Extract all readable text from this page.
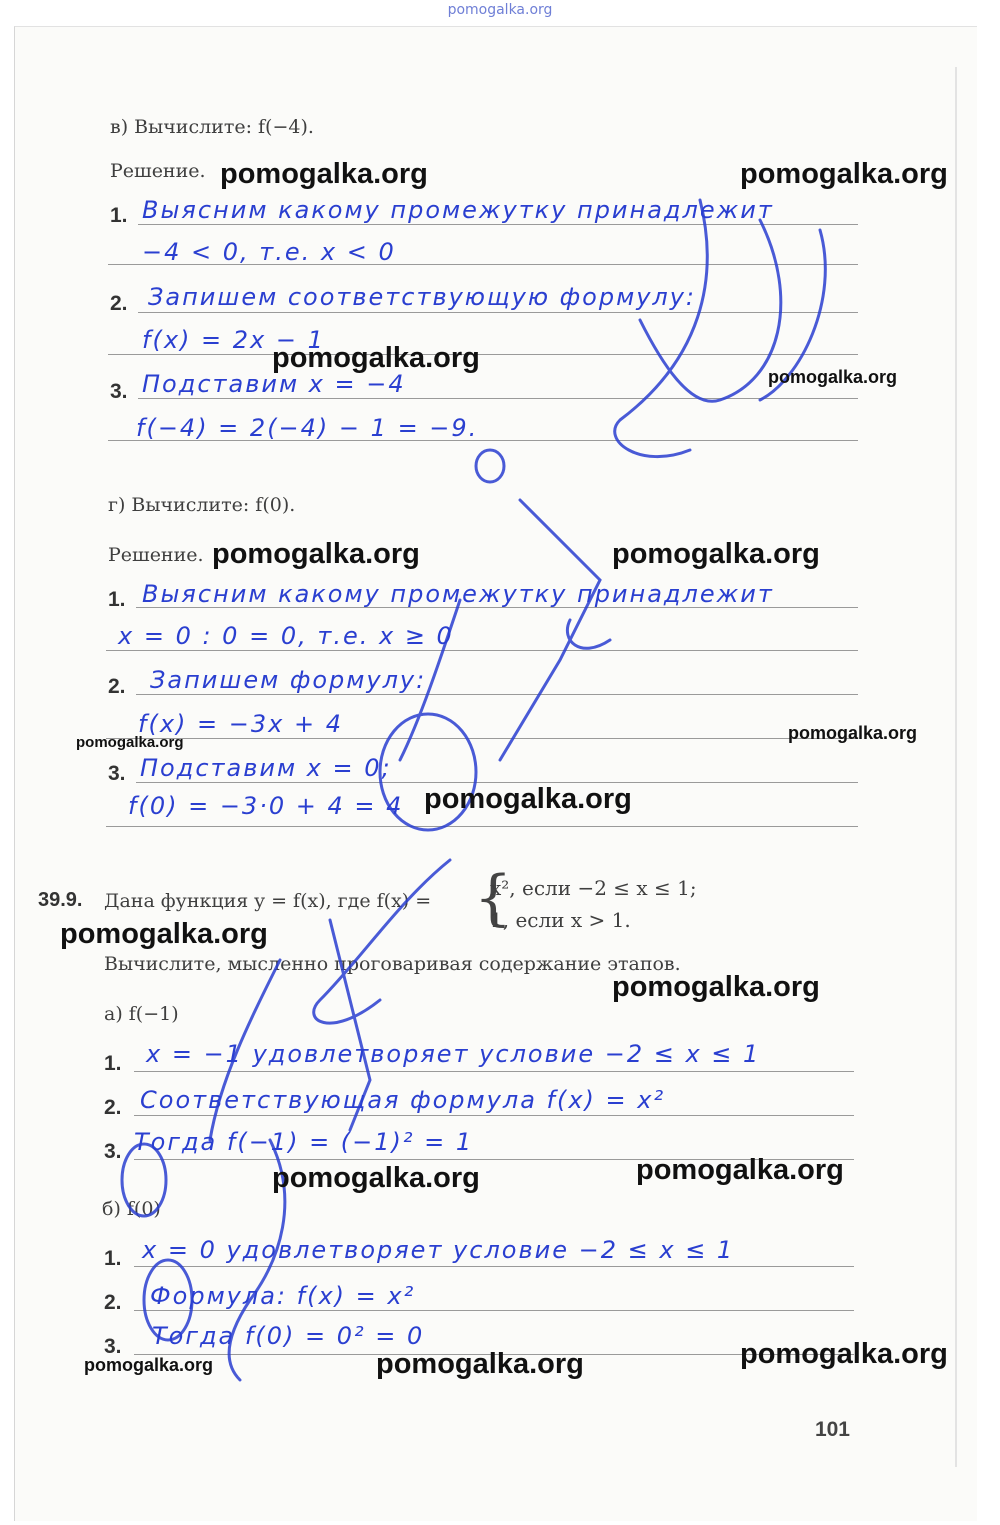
pomogalka.org
в) Вычислите: f(−4).
Решение.
1. Выясним какому промежутку принадлежит
−4 < 0, т.е. x < 0
2. Запишем соответствующую формулу:
f(x) = 2x − 1
3. Подставим x = −4
f(−4) = 2(−4) − 1 = −9.
г) Вычислите: f(0).
Решение.
1. Выясним какому промежутку принадлежит
x = 0 : 0 = 0, т.е. x ≥ 0
2. Запишем формулу:
f(x) = −3x + 4
3. Подставим x = 0;
f(0) = −3·0 + 4 = 4
39.9. Дана функция y = f(x), где f(x) = {
x², если −2 ≤ x ≤ 1;
1, если x > 1.
Вычислите, мысленно проговаривая содержание этапов.
а) f(−1)
1. x = −1 удовлетворяет условие −2 ≤ x ≤ 1
2. Соответствующая формула f(x) = x²
3. Тогда f(−1) = (−1)² = 1
б) f(0)
1. x = 0 удовлетворяет условие −2 ≤ x ≤ 1
2. Формула: f(x) = x²
3. Тогда f(0) = 0² = 0
101
pomogalka.org	pomogalka.org
pomogalka.org
pomogalka.org
pomogalka.org	pomogalka.org
pomogalka.org
pomogalka.org
pomogalka.org
pomogalka.org
pomogalka.org
pomogalka.org
pomogalka.org
pomogalka.org
pomogalka.org	pomogalka.org
